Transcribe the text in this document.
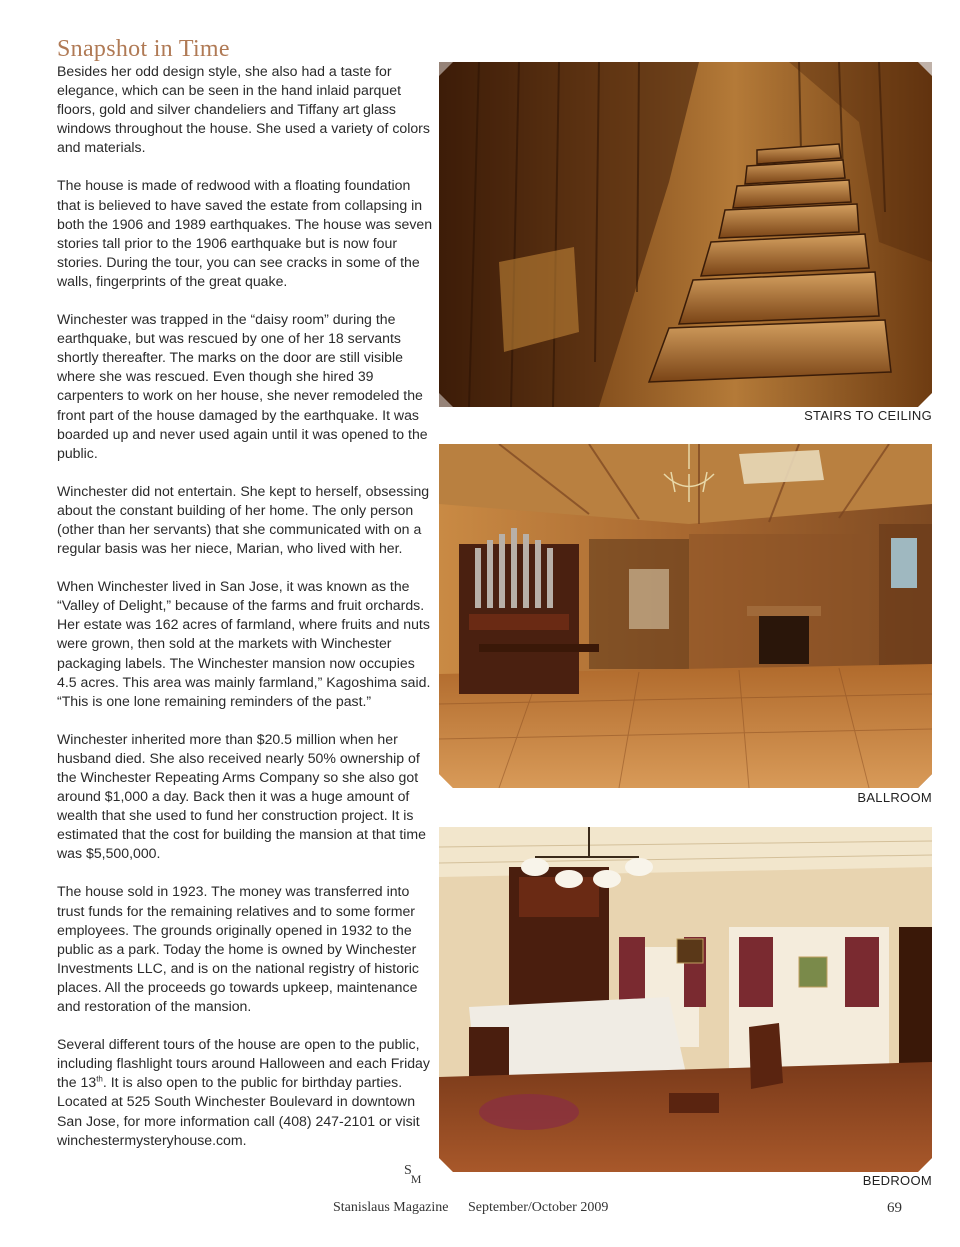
Snapshot in Time

Besides her odd design style, she also had a taste for elegance, which can be seen in the hand inlaid parquet floors, gold and silver chandeliers and Tiffany art glass windows throughout the house. She used a variety of colors and materials.

The house is made of redwood with a floating foundation that is believed to have saved the estate from collapsing in both the 1906 and 1989 earthquakes. The house was seven stories tall prior to the 1906 earthquake but is now four stories. During the tour, you can see cracks in some of the walls, fingerprints of the great quake.

Winchester was trapped in the “daisy room” during the earthquake, but was rescued by one of her 18 servants shortly thereafter. The marks on the door are still visible where she was rescued. Even though she hired 39 carpenters to work on her house, she never remodeled the front part of the house damaged by the earthquake. It was boarded up and never used again until it was opened to the public.

Winchester did not entertain. She kept to herself, obsessing about the constant building of her home. The only person (other than her servants) that she communicated with on a regular basis was her niece, Marian, who lived with her.

When Winchester lived in San Jose, it was known as the “Valley of Delight,” because of the farms and fruit orchards. Her estate was 162 acres of farmland, where fruits and nuts were grown, then sold at the markets with Winchester packaging labels. The Winchester mansion now occupies 4.5 acres. This area was mainly farmland,” Kagoshima said. “This is one lone remaining reminders of the past.”

Winchester inherited more than $20.5 million when her husband died. She also received nearly 50% ownership of the Winchester Repeating Arms Company so she also got around $1,000 a day. Back then it was a huge amount of wealth that she used to fund her construction project. It is estimated that the cost for building the mansion at that time was $5,500,000.

The house sold in 1923. The money was transferred into trust funds for the remaining relatives and to some former employees. The grounds originally opened in 1932 to the public as a park. Today the home is owned by Winchester Investments LLC, and is on the national registry of historic places. All the proceeds go towards upkeep, maintenance and restoration of the mansion.

Several different tours of the house are open to the public, including flashlight tours around Halloween and each Friday the 13th. It is also open to the public for birthday parties. Located at 525 South Winchester Boulevard in downtown San Jose, for more information call (408) 247-2101 or visit winchestermysteryhouse.com.

$S_M$
STAIRS TO CEILING
BALLROOM
BEDROOM
Stanislaus Magazine September/October 2009	69
